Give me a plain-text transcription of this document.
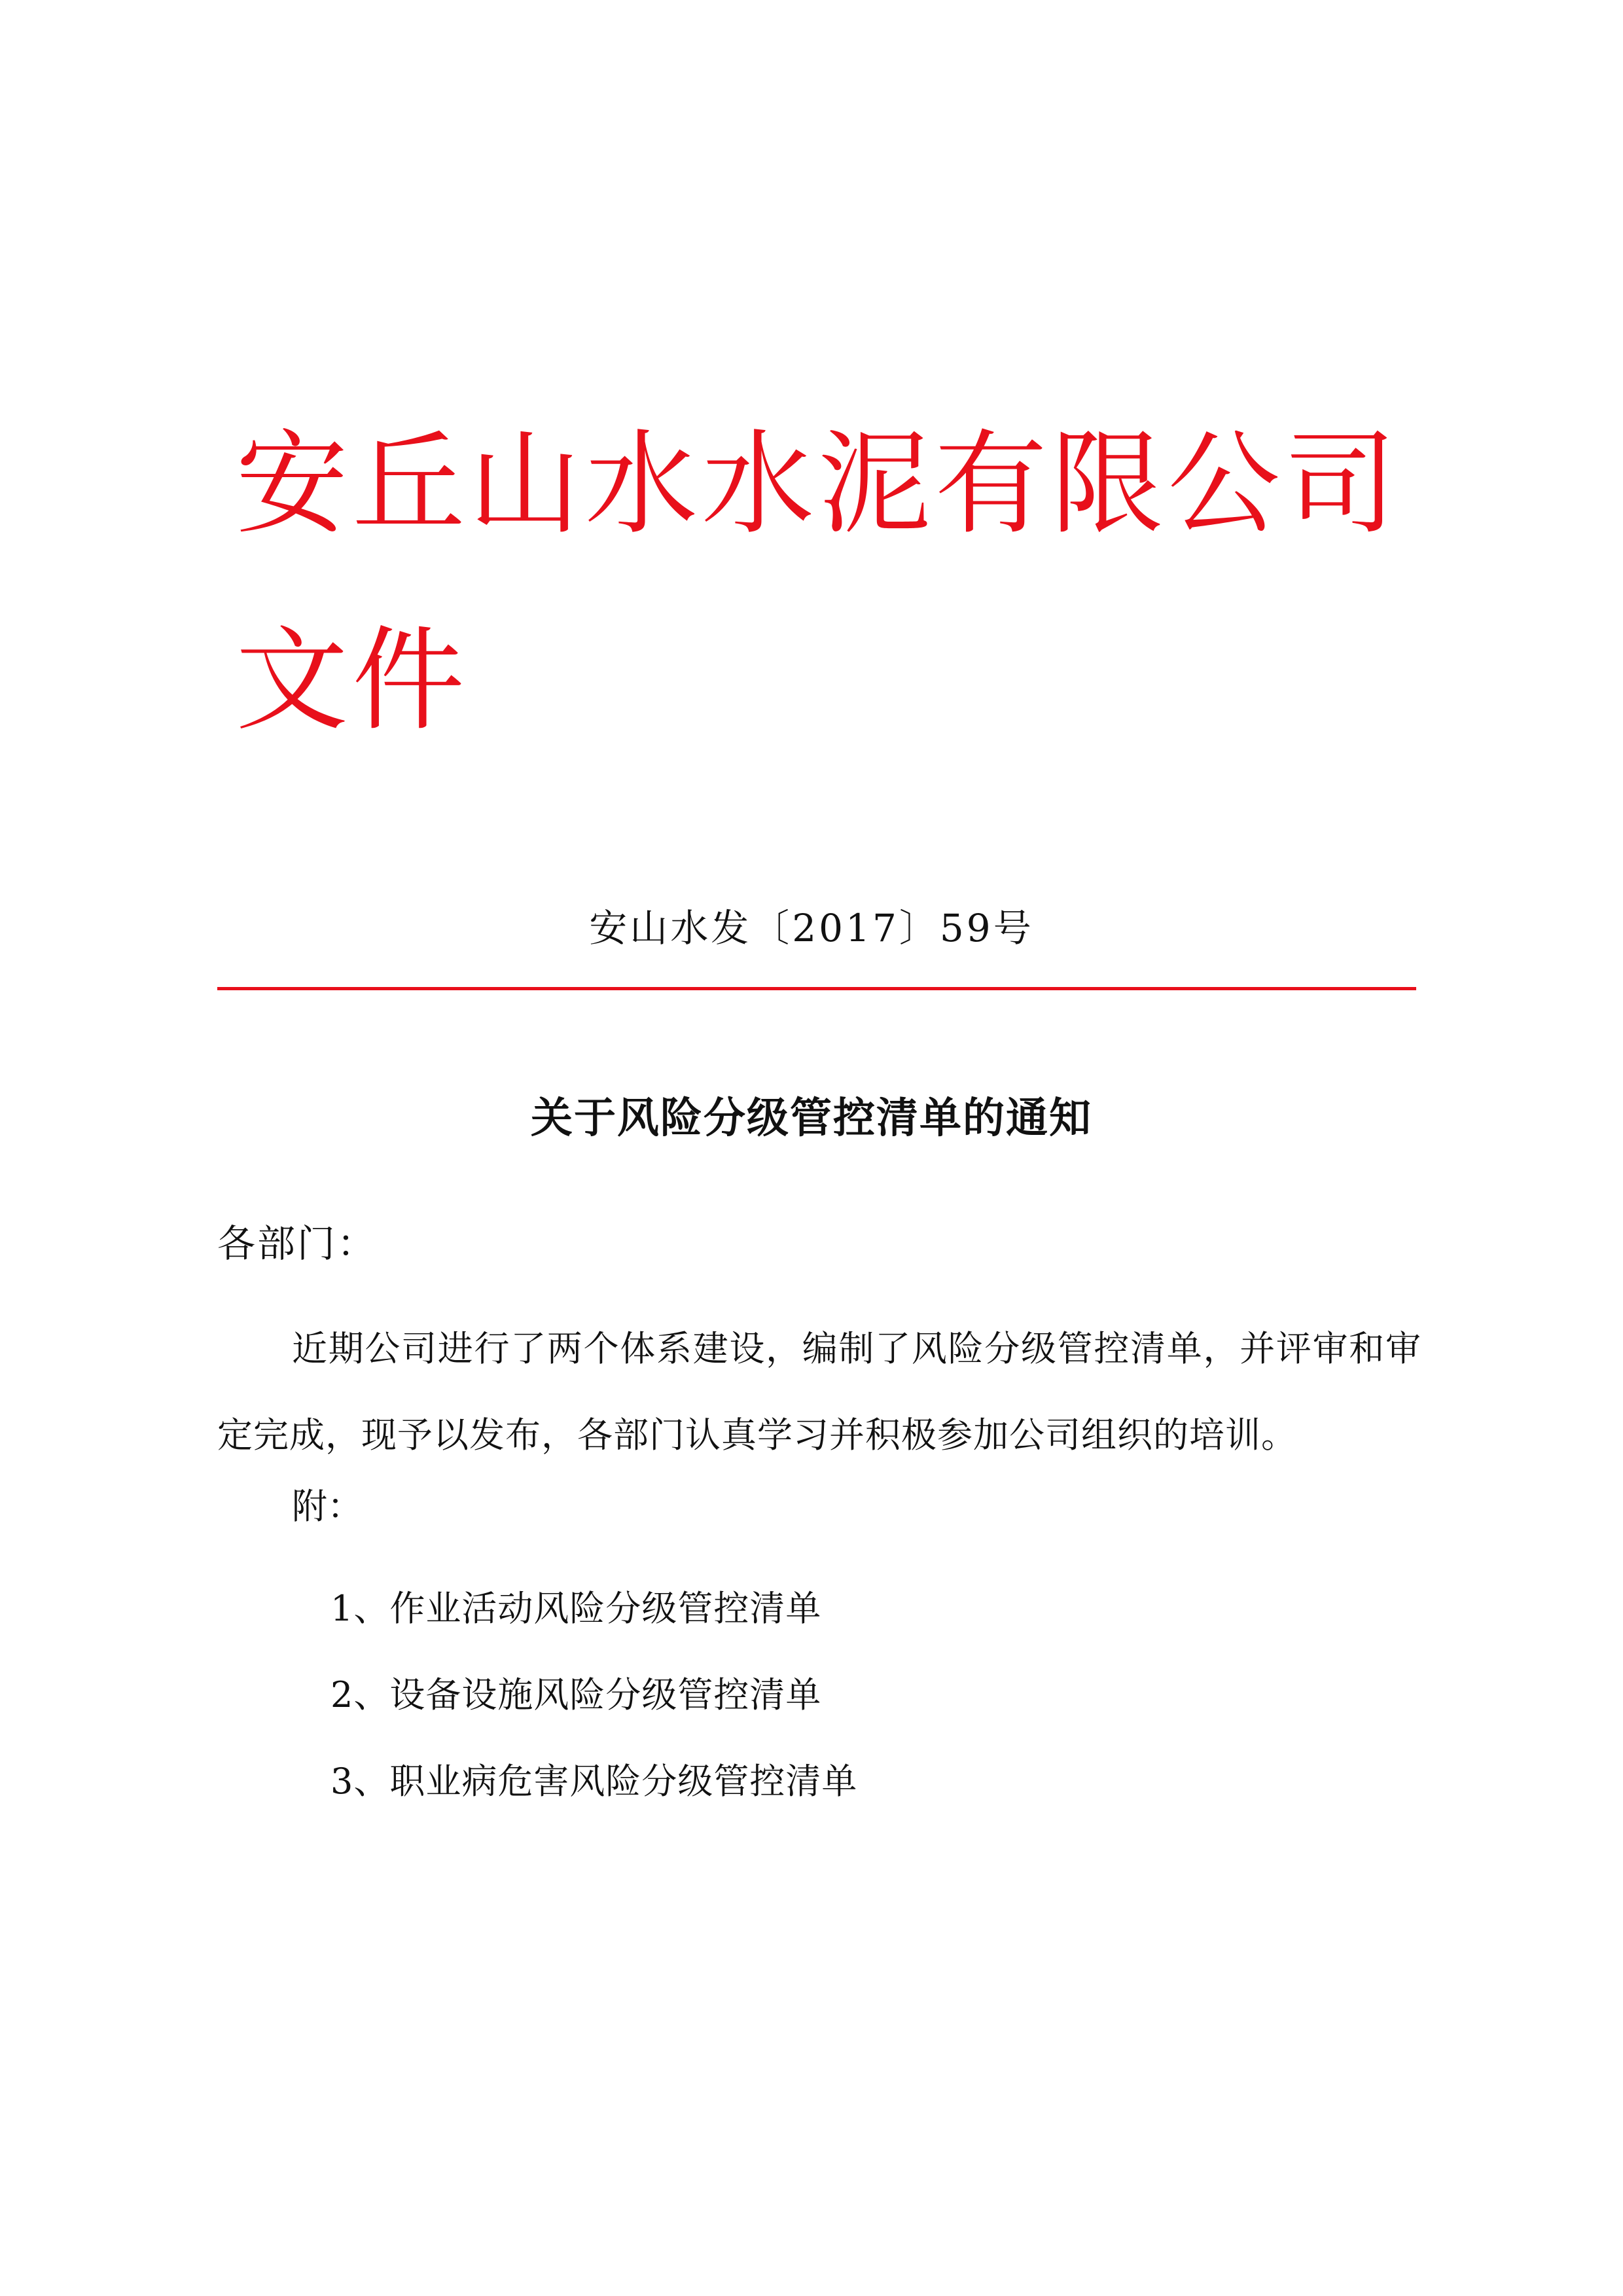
安丘山水水泥有限公司文件
安山水发〔2017〕59号
关于风险分级管控清单的通知
各部门：

近期公司进行了两个体系建设，编制了风险分级管控清单，并评审和审定完成，现予以发布，各部门认真学习并积极参加公司组织的培训。

附：
1、作业活动风险分级管控清单
2、设备设施风险分级管控清单
3、职业病危害风险分级管控清单
